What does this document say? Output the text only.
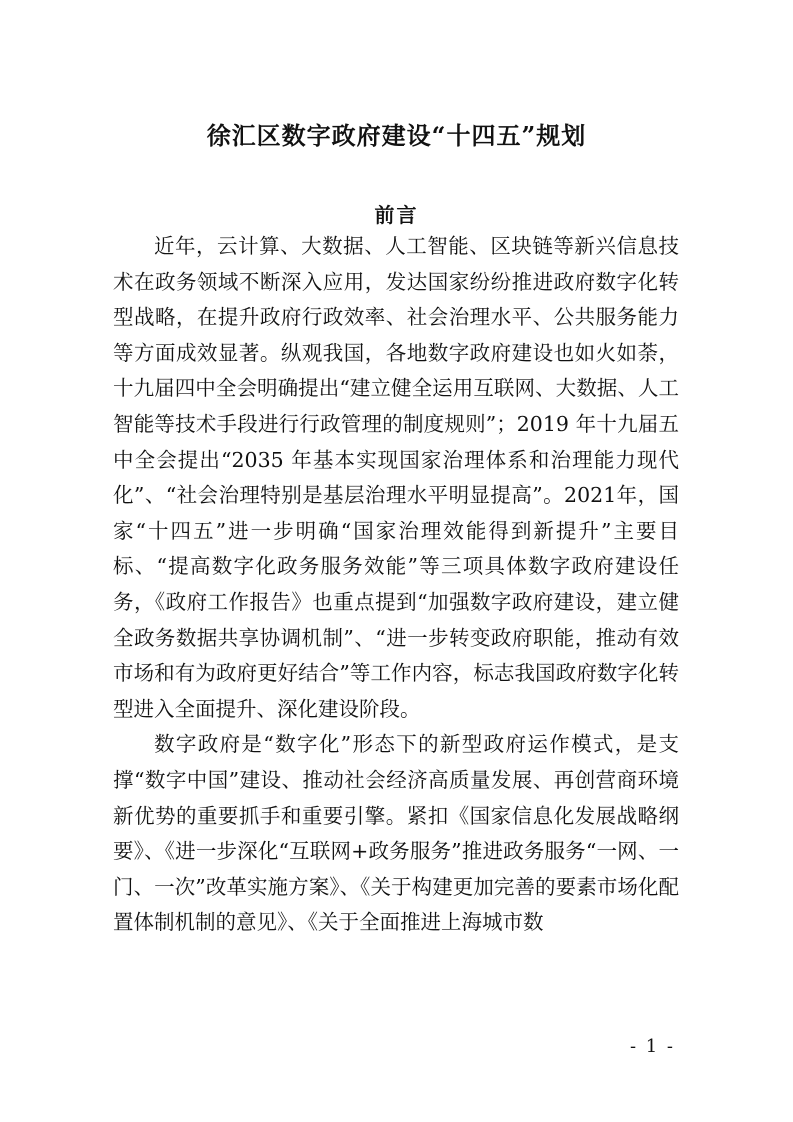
徐汇区数字政府建设“十四五”规划
前言

近年，云计算、大数据、人工智能、区块链等新兴信息技术在政务领域不断深入应用，发达国家纷纷推进政府数字化转型战略，在提升政府行政效率、社会治理水平、公共服务能力等方面成效显著。纵观我国，各地数字政府建设也如火如荼，十九届四中全会明确提出“建立健全运用互联网、大数据、人工智能等技术手段进行行政管理的制度规则”；2019 年十九届五中全会提出“2035 年基本实现国家治理体系和治理能力现代化”、“社会治理特别是基层治理水平明显提高”。2021年，国家“十四五”进一步明确“国家治理效能得到新提升”主要目标、“提高数字化政务服务效能”等三项具体数字政府建设任务，《政府工作报告》也重点提到“加强数字政府建设，建立健全政务数据共享协调机制”、“进一步转变政府职能，推动有效市场和有为政府更好结合”等工作内容，标志我国政府数字化转型进入全面提升、深化建设阶段。

数字政府是“数字化”形态下的新型政府运作模式，是支撑“数字中国”建设、推动社会经济高质量发展、再创营商环境新优势的重要抓手和重要引擎。紧扣《国家信息化发展战略纲要》、《进一步深化“互联网+政务服务”推进政务服务“一网、一门、一次”改革实施方案》、《关于构建更加完善的要素市场化配置体制机制的意见》、《关于全面推进上海城市数

- 1 -
